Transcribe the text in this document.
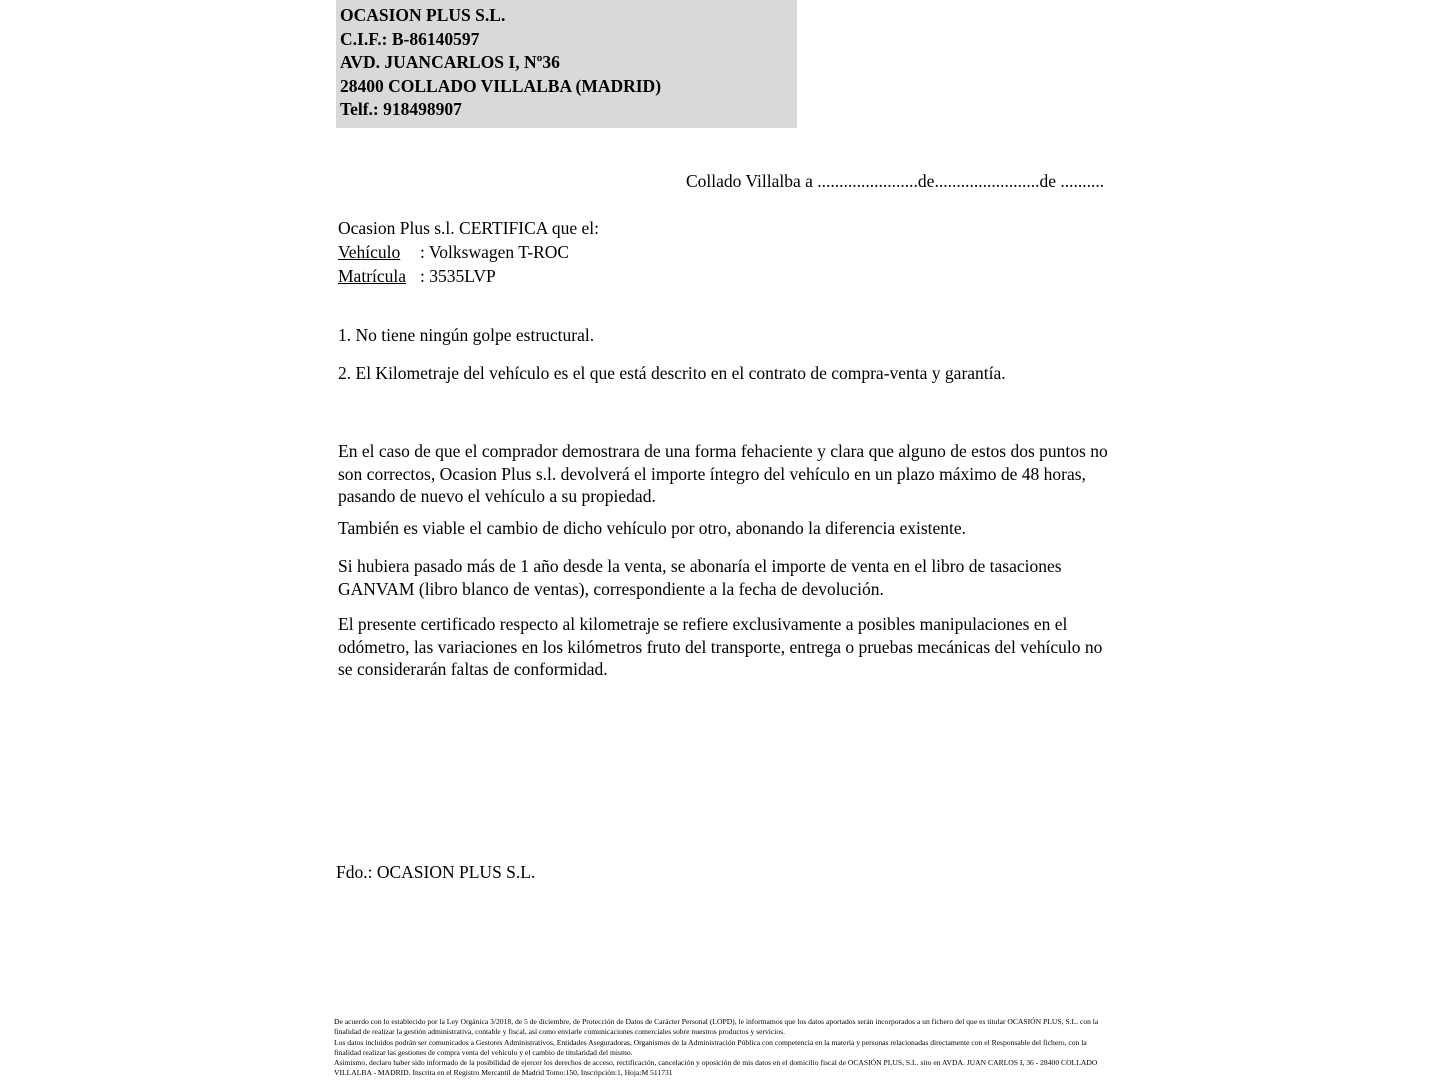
OCASION PLUS S.L.
C.I.F.: B-86140597
AVD. JUANCARLOS I, Nº36
28400 COLLADO VILLALBA (MADRID)
Telf.: 918498907
Collado Villalba a .......................de........................de ..........
Ocasion Plus s.l. CERTIFICA que el:
Vehículo : Volkswagen T-ROC
Matrícula : 3535LVP
1. No tiene ningún golpe estructural.
2. El Kilometraje del vehículo es el que está descrito en el contrato de compra-venta y garantía.
En el caso de que el comprador demostrara de una forma fehaciente y clara que alguno de estos dos puntos no son correctos, Ocasion Plus s.l. devolverá el importe íntegro del vehículo en un plazo máximo de 48 horas, pasando de nuevo el vehículo a su propiedad.
También es viable el cambio de dicho vehículo por otro, abonando la diferencia existente.
Si hubiera pasado más de 1 año desde la venta, se abonaría el importe de venta en el libro de tasaciones GANVAM (libro blanco de ventas), correspondiente a la fecha de devolución.
El presente certificado respecto al kilometraje se refiere exclusivamente a posibles manipulaciones en el odómetro, las variaciones en los kilómetros fruto del transporte, entrega o pruebas mecánicas del vehículo no se considerarán faltas de conformidad.
Fdo.: OCASION PLUS S.L.

De acuerdo con lo establecido por la Ley Orgánica 3/2018, de 5 de diciembre, de Protección de Datos de Carácter Personal (LOPD), le informamos que los datos aportados serán incorporados a un fichero del que es titular OCASIÓN PLUS, S.L. con la finalidad de realizar la gestión administrativa, contable y fiscal, así como enviarle comunicaciones comerciales sobre nuestros productos y servicios.

Los datos incluidos podrán ser comunicados a Gestores Administrativos, Entidades Aseguradoras, Organismos de la Administración Pública con competencia en la materia y personas relacionadas directamente con el Responsable del fichero, con la finalidad realizar las gestiones de compra venta del vehículo y el cambio de titularidad del mismo.

Asimismo, declaro haber sido informado de la posibilidad de ejercer los derechos de acceso, rectificación, cancelación y oposición de mis datos en el domicilio fiscal de OCASIÓN PLUS, S.L. sito en AVDA. JUAN CARLOS I, 36 - 28400 COLLADO VILLALBA - MADRID. Inscrita en el Registro Mercantil de Madrid Tomo:150, Inscripción:1, Hoja:M 511731
